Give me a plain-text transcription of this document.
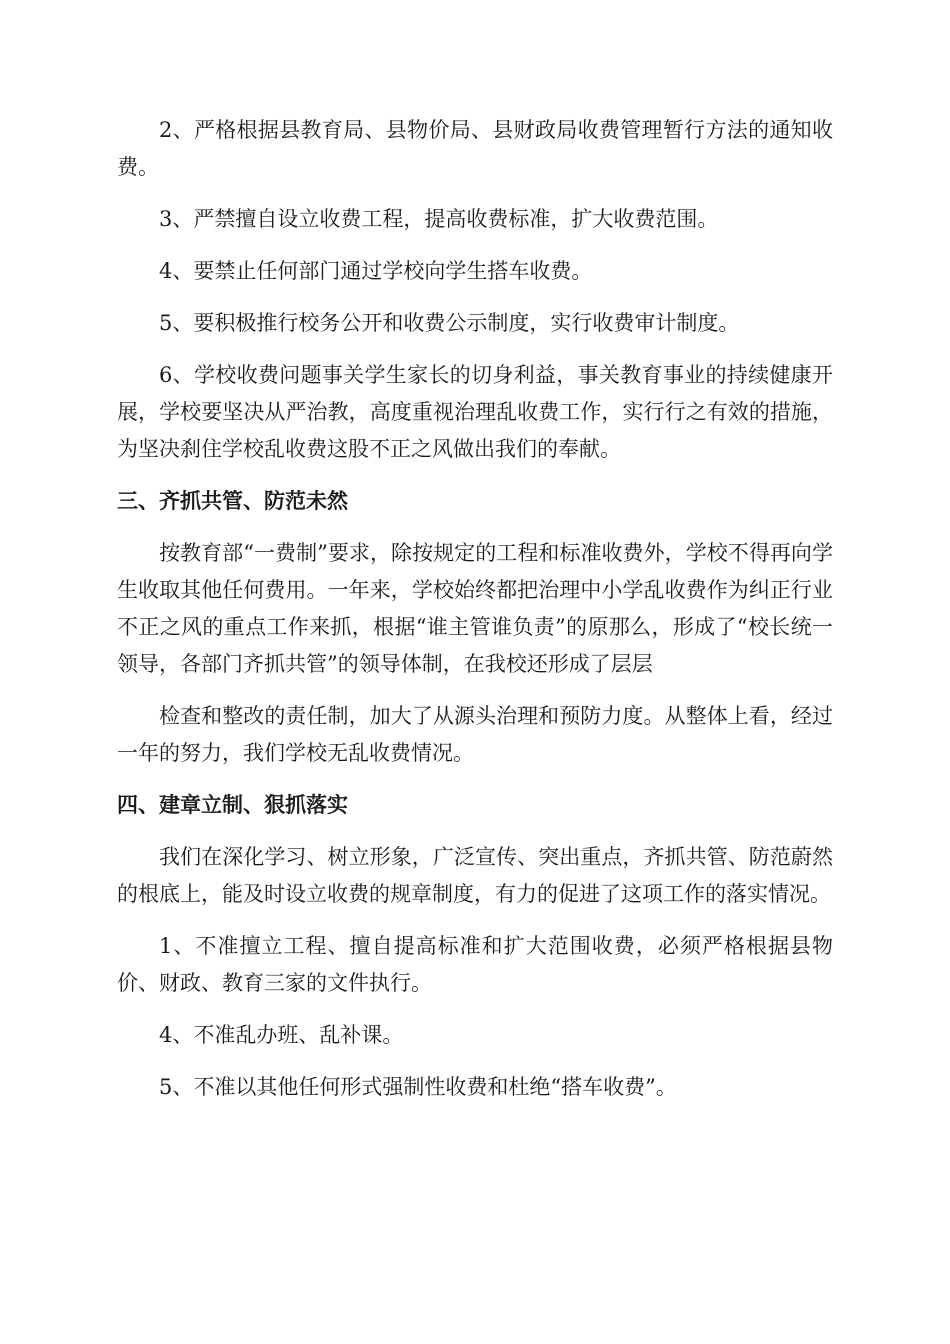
2、严格根据县教育局、县物价局、县财政局收费管理暂行方法的通知收费。

3、严禁擅自设立收费工程，提高收费标准，扩大收费范围。

4、要禁止任何部门通过学校向学生搭车收费。

5、要积极推行校务公开和收费公示制度，实行收费审计制度。

6、学校收费问题事关学生家长的切身利益，事关教育事业的持续健康开展，学校要坚决从严治教，高度重视治理乱收费工作，实行行之有效的措施，为坚决刹住学校乱收费这股不正之风做出我们的奉献。

三、齐抓共管、防范未然

按教育部“一费制”要求，除按规定的工程和标准收费外，学校不得再向学生收取其他任何费用。一年来，学校始终都把治理中小学乱收费作为纠正行业不正之风的重点工作来抓，根据“谁主管谁负责”的原那么，形成了“校长统一领导，各部门齐抓共管”的领导体制，在我校还形成了层层

检查和整改的责任制，加大了从源头治理和预防力度。从整体上看，经过一年的努力，我们学校无乱收费情况。

四、建章立制、狠抓落实

我们在深化学习、树立形象，广泛宣传、突出重点，齐抓共管、防范蔚然的根底上，能及时设立收费的规章制度，有力的促进了这项工作的落实情况。

1、不准擅立工程、擅自提高标准和扩大范围收费，必须严格根据县物价、财政、教育三家的文件执行。

4、不准乱办班、乱补课。

5、不准以其他任何形式强制性收费和杜绝“搭车收费”。
